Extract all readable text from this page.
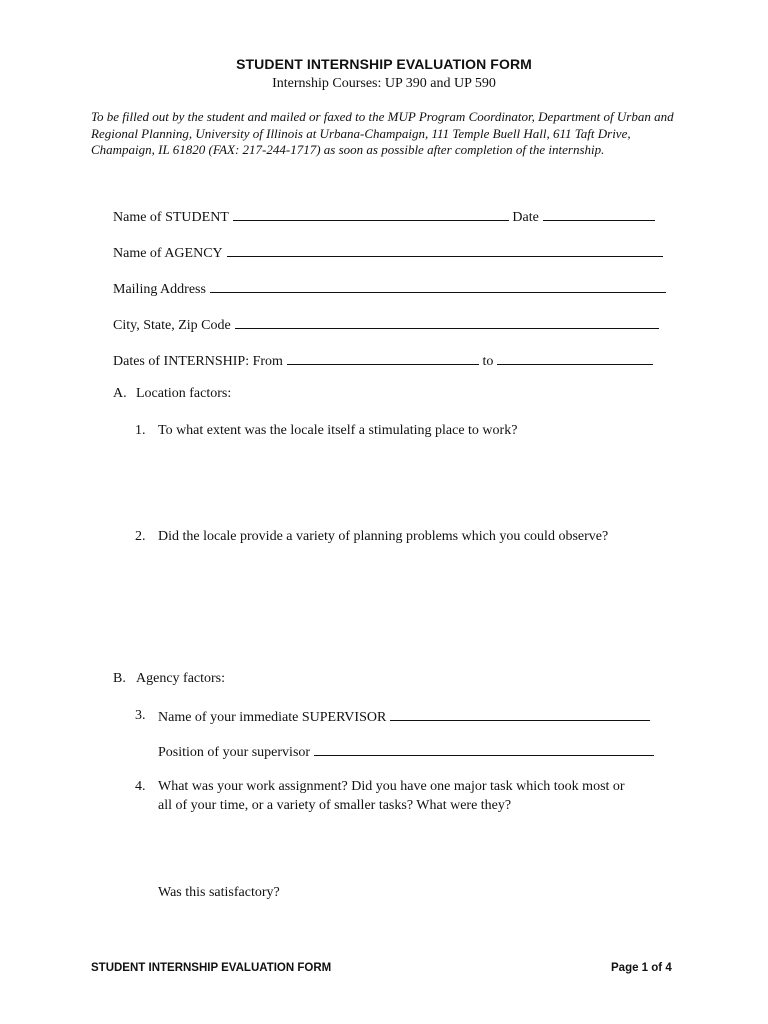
STUDENT INTERNSHIP EVALUATION FORM
Internship Courses: UP 390 and UP 590
To be filled out by the student and mailed or faxed to the MUP Program Coordinator, Department of Urban and Regional Planning, University of Illinois at Urbana-Champaign, 111 Temple Buell Hall, 611 Taft Drive, Champaign, IL 61820 (FAX: 217-244-1717) as soon as possible after completion of the internship.
Name of STUDENT	Date
Name of AGENCY
Mailing Address
City, State, Zip Code
Dates of INTERNSHIP: From	to
A. Location factors:
1. To what extent was the locale itself a stimulating place to work?
2. Did the locale provide a variety of planning problems which you could observe?
B. Agency factors:
3. Name of your immediate SUPERVISOR
Position of your supervisor
4. What was your work assignment? Did you have one major task which took most or
all of your time, or a variety of smaller tasks? What were they?
Was this satisfactory?
STUDENT INTERNSHIP EVALUATION FORM	Page 1 of 4
